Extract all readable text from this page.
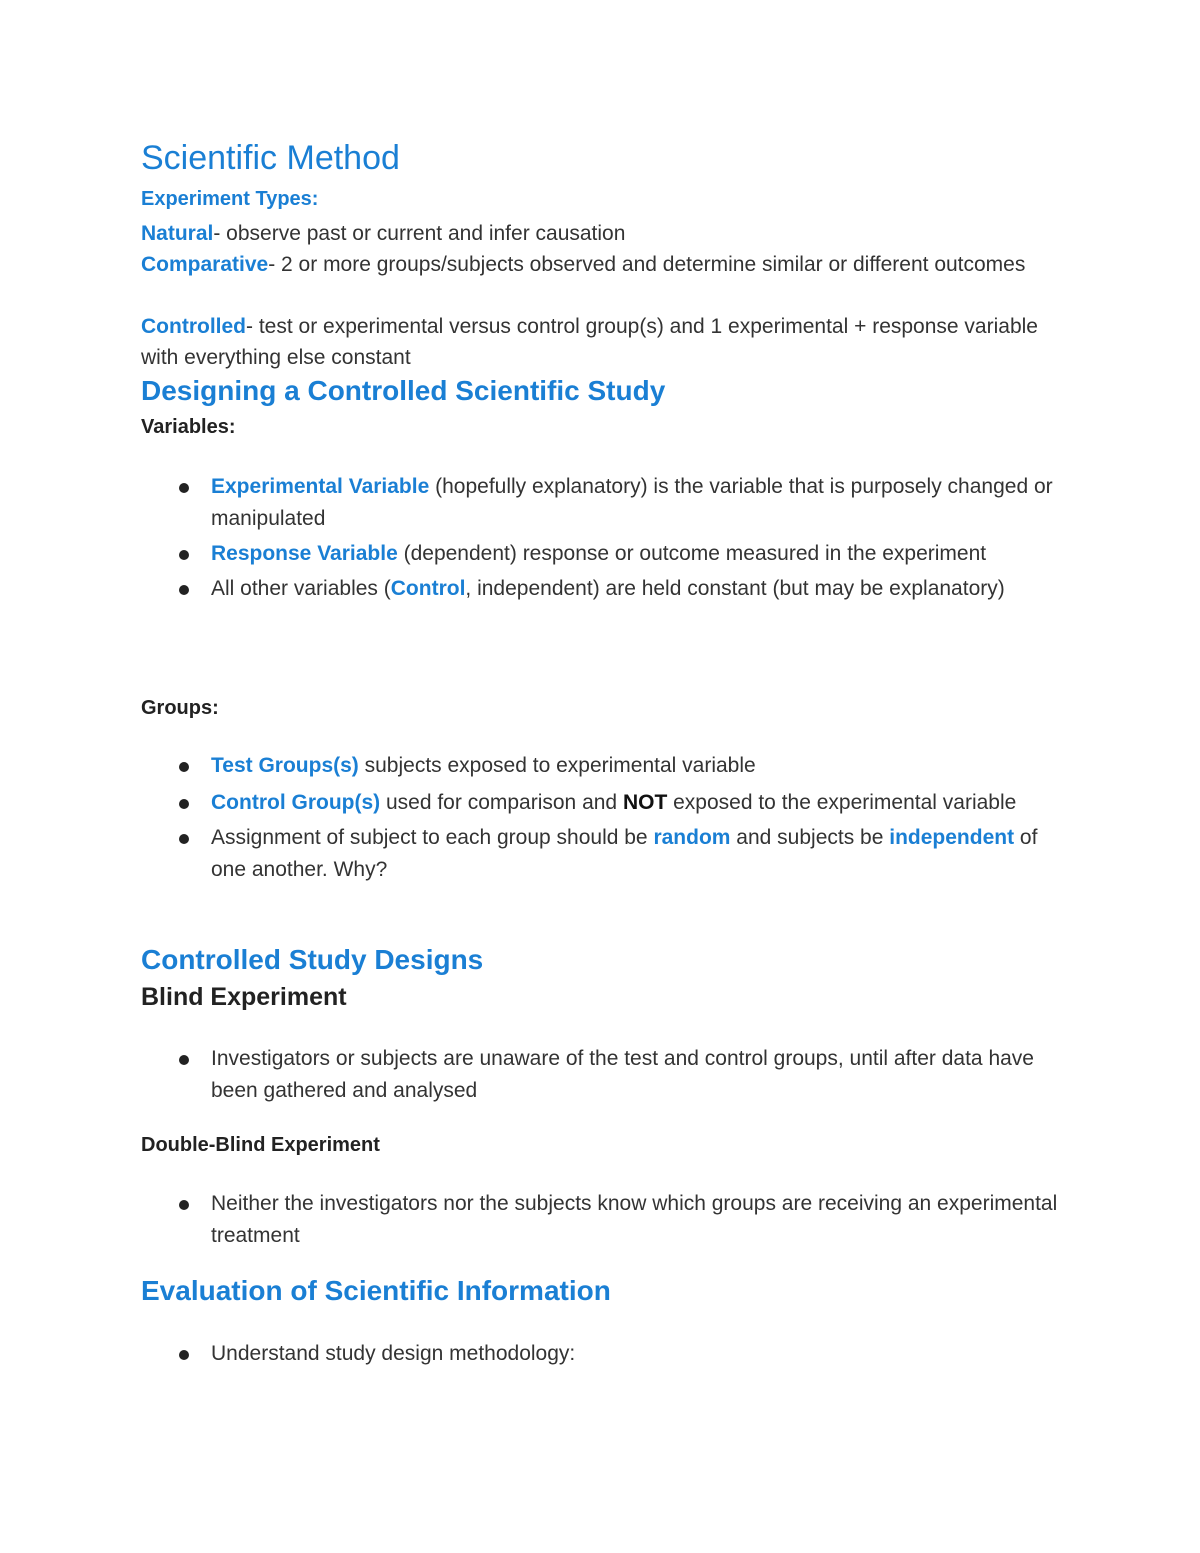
Scientific Method
Experiment Types:

Natural- observe past or current and infer causation

Comparative- 2 or more groups/subjects observed and determine similar or different outcomes

Controlled- test or experimental versus control group(s) and 1 experimental + response variable with everything else constant

Designing a Controlled Scientific Study
Variables:
Experimental Variable (hopefully explanatory) is the variable that is purposely changed or manipulated
Response Variable (dependent) response or outcome measured in the experiment
All other variables (Control, independent) are held constant (but may be explanatory)
Groups:
Test Groups(s) subjects exposed to experimental variable
Control Group(s) used for comparison and NOT exposed to the experimental variable
Assignment of subject to each group should be random and subjects be independent of one another. Why?
Controlled Study Designs
Blind Experiment
Investigators or subjects are unaware of the test and control groups, until after data have been gathered and analysed
Double-Blind Experiment
Neither the investigators nor the subjects know which groups are receiving an experimental treatment
Evaluation of Scientific Information
Understand study design methodology:
